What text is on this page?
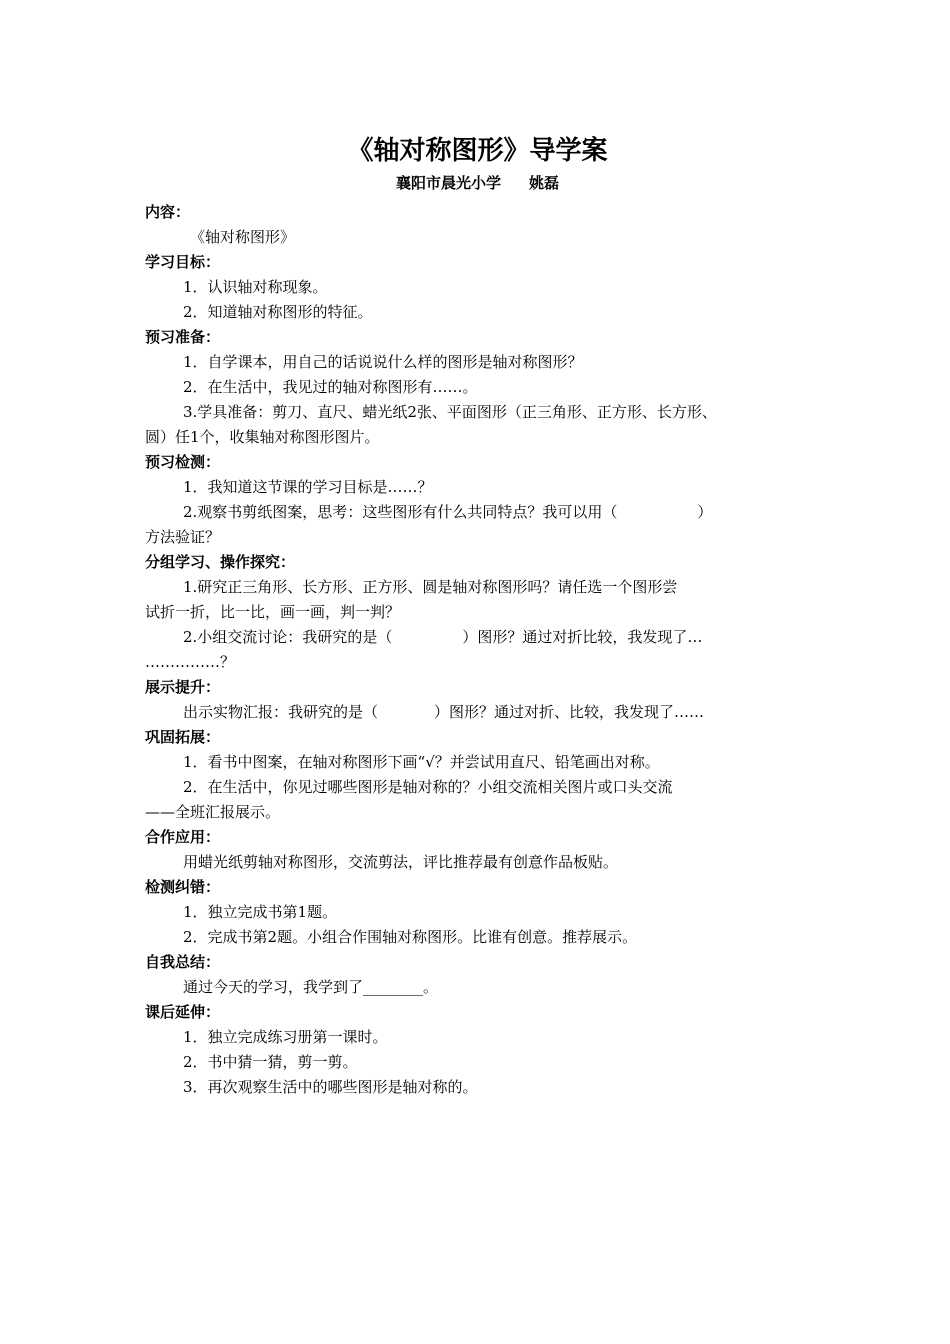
《轴对称图形》导学案
襄阳市晨光小学 姚磊
内容：
《轴对称图形》
学习目标：
1．认识轴对称现象。
2．知道轴对称图形的特征。
预习准备：
1．自学课本，用自己的话说说什么样的图形是轴对称图形？
2．在生活中，我见过的轴对称图形有……。
3.学具准备：剪刀、直尺、蜡光纸2张、平面图形（正三角形、正方形、长方形、
圆）任1个，收集轴对称图形图片。
预习检测：
1．我知道这节课的学习目标是……？
2.观察书剪纸图案，思考：这些图形有什么共同特点？我可以用（	）
方法验证？
分组学习、操作探究：
1.研究正三角形、长方形、正方形、圆是轴对称图形吗？请任选一个图形尝
试折一折，比一比，画一画，判一判？
2.小组交流讨论：我研究的是（	）图形？通过对折比较，我发现了…
……………？
展示提升：
出示实物汇报：我研究的是（	）图形？通过对折、比较，我发现了……
巩固拓展：
1．看书中图案，在轴对称图形下画“√？并尝试用直尺、铅笔画出对称。
2．在生活中，你见过哪些图形是轴对称的？小组交流相关图片或口头交流
——全班汇报展示。
合作应用：
用蜡光纸剪轴对称图形，交流剪法，评比推荐最有创意作品板贴。
检测纠错：
1．独立完成书第1题。
2．完成书第2题。小组合作围轴对称图形。比谁有创意。推荐展示。
自我总结：
通过今天的学习，我学到了________。
课后延伸：
1．独立完成练习册第一课时。
2．书中猜一猜，剪一剪。
3．再次观察生活中的哪些图形是轴对称的。
